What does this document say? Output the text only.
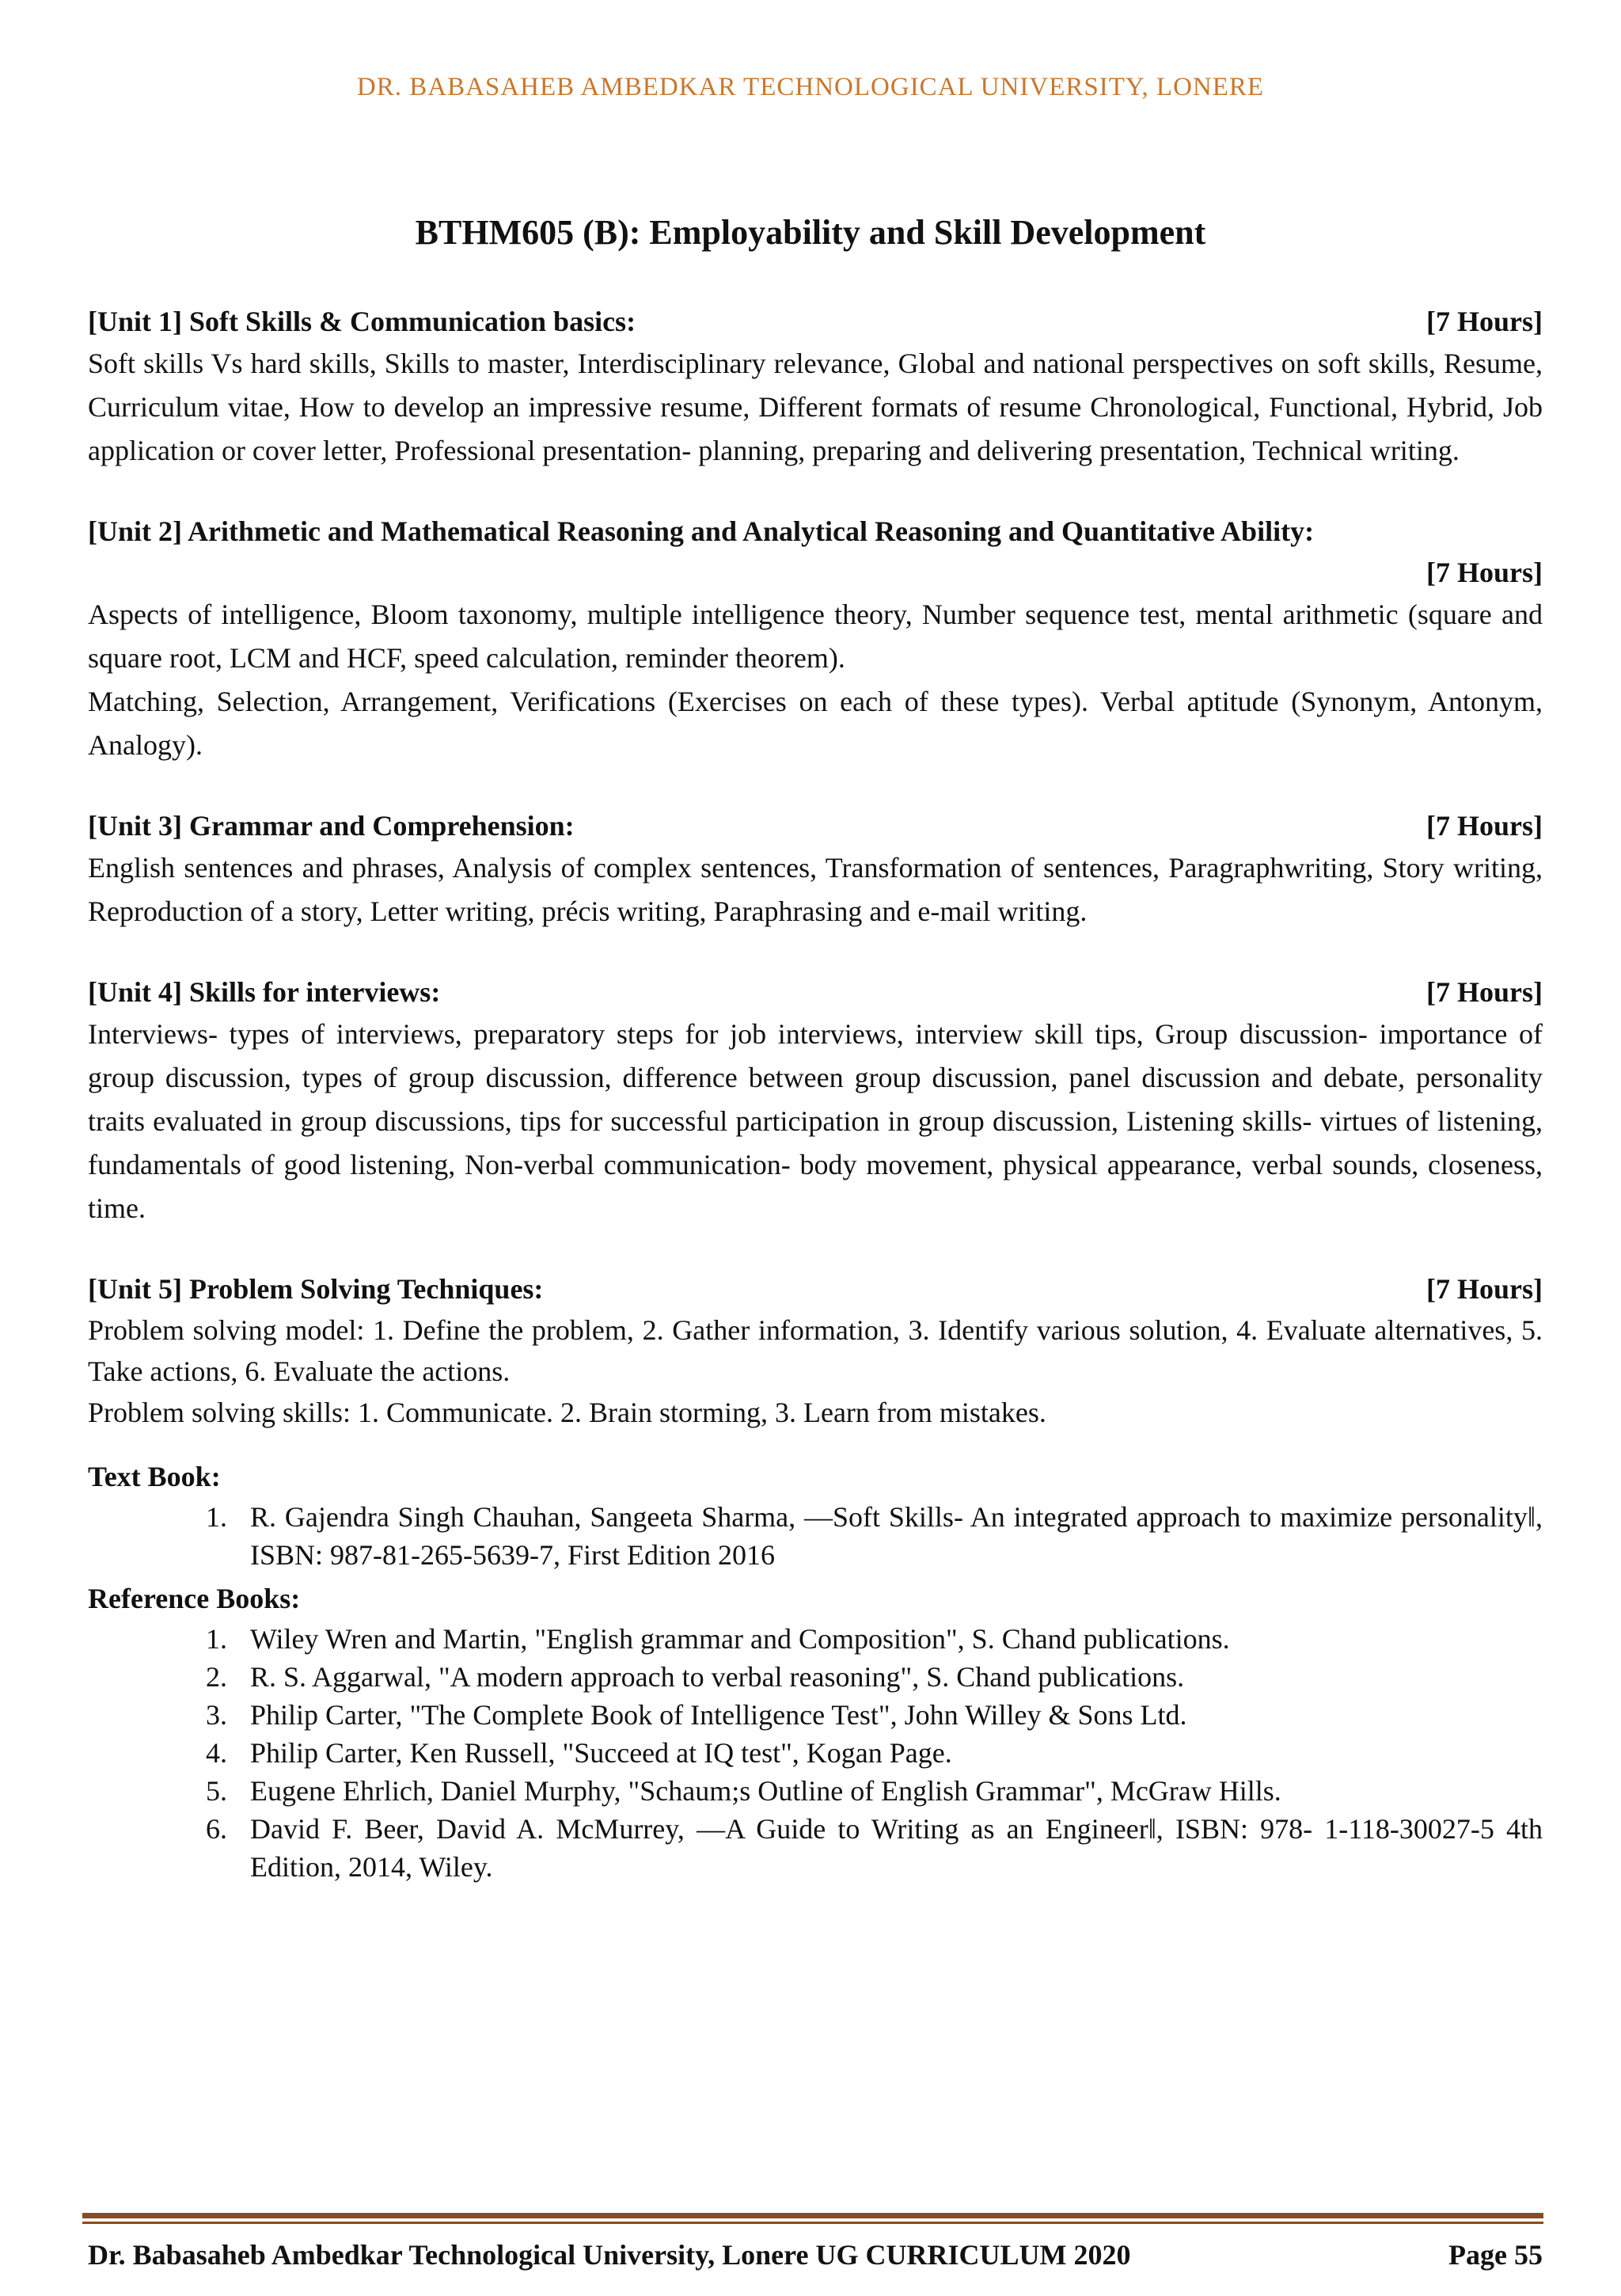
DR. BABASAHEB AMBEDKAR TECHNOLOGICAL UNIVERSITY, LONERE
BTHM605 (B): Employability and Skill Development
[Unit 1] Soft Skills & Communication basics:	[7 Hours]

Soft skills Vs hard skills, Skills to master, Interdisciplinary relevance, Global and national perspectives on soft skills, Resume, Curriculum vitae, How to develop an impressive resume, Different formats of resume Chronological, Functional, Hybrid, Job application or cover letter, Professional presentation- planning, preparing and delivering presentation, Technical writing.

[Unit 2] Arithmetic and Mathematical Reasoning and Analytical Reasoning and Quantitative Ability:
[7 Hours]

Aspects of intelligence, Bloom taxonomy, multiple intelligence theory, Number sequence test, mental arithmetic (square and square root, LCM and HCF, speed calculation, reminder theorem).

Matching, Selection, Arrangement, Verifications (Exercises on each of these types). Verbal aptitude (Synonym, Antonym, Analogy).

[Unit 3] Grammar and Comprehension:	[7 Hours]

English sentences and phrases, Analysis of complex sentences, Transformation of sentences, Paragraphwriting, Story writing, Reproduction of a story, Letter writing, précis writing, Paraphrasing and e-mail writing.

[Unit 4] Skills for interviews:	[7 Hours]

Interviews- types of interviews, preparatory steps for job interviews, interview skill tips, Group discussion- importance of group discussion, types of group discussion, difference between group discussion, panel discussion and debate, personality traits evaluated in group discussions, tips for successful participation in group discussion, Listening skills- virtues of listening, fundamentals of good listening, Non-verbal communication- body movement, physical appearance, verbal sounds, closeness, time.

[Unit 5] Problem Solving Techniques:	[7 Hours]

Problem solving model: 1. Define the problem, 2. Gather information, 3. Identify various solution, 4. Evaluate alternatives, 5. Take actions, 6. Evaluate the actions.

Problem solving skills: 1. Communicate. 2. Brain storming, 3. Learn from mistakes.

Text Book:
1. R. Gajendra Singh Chauhan, Sangeeta Sharma, ―Soft Skills- An integrated approach to maximize personality‖, ISBN: 987-81-265-5639-7, First Edition 2016
Reference Books:
1. Wiley Wren and Martin, "English grammar and Composition", S. Chand publications.
2. R. S. Aggarwal, "A modern approach to verbal reasoning", S. Chand publications.
3. Philip Carter, "The Complete Book of Intelligence Test", John Willey & Sons Ltd.
4. Philip Carter, Ken Russell, "Succeed at IQ test", Kogan Page.
5. Eugene Ehrlich, Daniel Murphy, "Schaum;s Outline of English Grammar", McGraw Hills.
6. David F. Beer, David A. McMurrey, ―A Guide to Writing as an Engineer‖, ISBN: 978- 1-118-30027-5 4th Edition, 2014, Wiley.
Dr. Babasaheb Ambedkar Technological University, Lonere UG CURRICULUM 2020	Page 55
